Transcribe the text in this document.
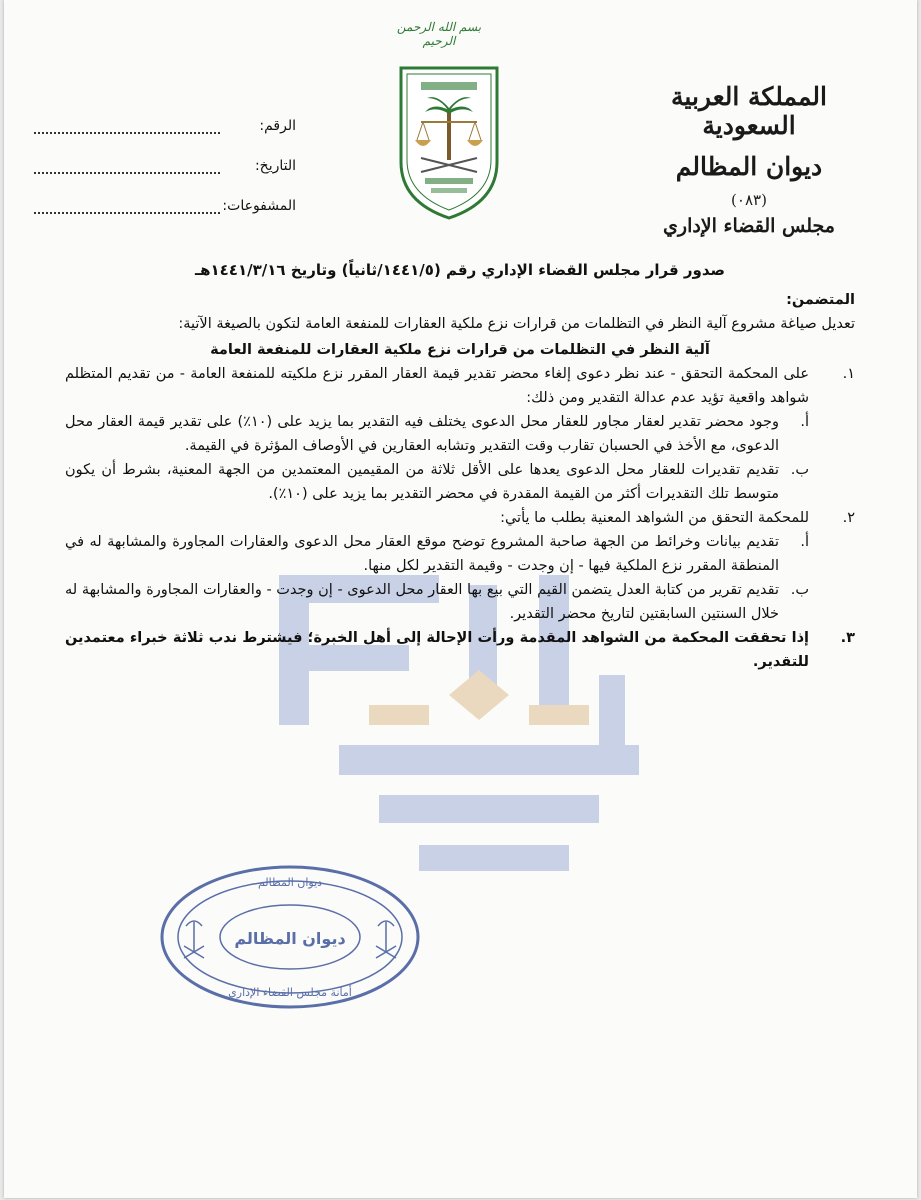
المملكة العربية السعودية
ديوان المظالم
(٠٨٣)
مجلس القضاء الإداري
بسم الله الرحمن الرحيم
الرقم:
التاريخ:
المشفوعات:
صدور قرار مجلس القضاء الإداري رقم (١٤٤١/٥/ثانياً) وتاريخ ١٤٤١/٣/١٦هـ
المتضمن:
تعديل صياغة مشروع آلية النظر في التظلمات من قرارات نزع ملكية العقارات للمنفعة العامة لتكون بالصيغة الآتية:
آلية النظر في التظلمات من قرارات نزع ملكية العقارات للمنفعة العامة
١.
على المحكمة التحقق - عند نظر دعوى إلغاء محضر تقدير قيمة العقار المقرر نزع ملكيته للمنفعة العامة - من تقديم المتظلم شواهد واقعية تؤيد عدم عدالة التقدير ومن ذلك:
أ.
وجود محضر تقدير لعقار مجاور للعقار محل الدعوى يختلف فيه التقدير بما يزيد على (١٠٪) على تقدير قيمة العقار محل الدعوى، مع الأخذ في الحسبان تقارب وقت التقدير وتشابه العقارين في الأوصاف المؤثرة في القيمة.
ب.
تقديم تقديرات للعقار محل الدعوى يعدها على الأقل ثلاثة من المقيمين المعتمدين من الجهة المعنية، بشرط أن يكون متوسط تلك التقديرات أكثر من القيمة المقدرة في محضر التقدير بما يزيد على (١٠٪).
٢.
للمحكمة التحقق من الشواهد المعنية بطلب ما يأتي:
أ.
تقديم بيانات وخرائط من الجهة صاحبة المشروع توضح موقع العقار محل الدعوى والعقارات المجاورة والمشابهة له في المنطقة المقرر نزع الملكية فيها - إن وجدت - وقيمة التقدير لكل منها.
ب.
تقديم تقرير من كتابة العدل يتضمن القيم التي بيع بها العقار محل الدعوى - إن وجدت - والعقارات المجاورة والمشابهة له خلال السنتين السابقتين لتاريخ محضر التقدير.
٣.
إذا تحققت المحكمة من الشواهد المقدمة ورأت الإحالة إلى أهل الخبرة؛ فيشترط ندب ثلاثة خبراء معتمدين للتقدير.
ديوان المظالم
ديوان المظالم
أمانة مجلس القضاء الإداري
